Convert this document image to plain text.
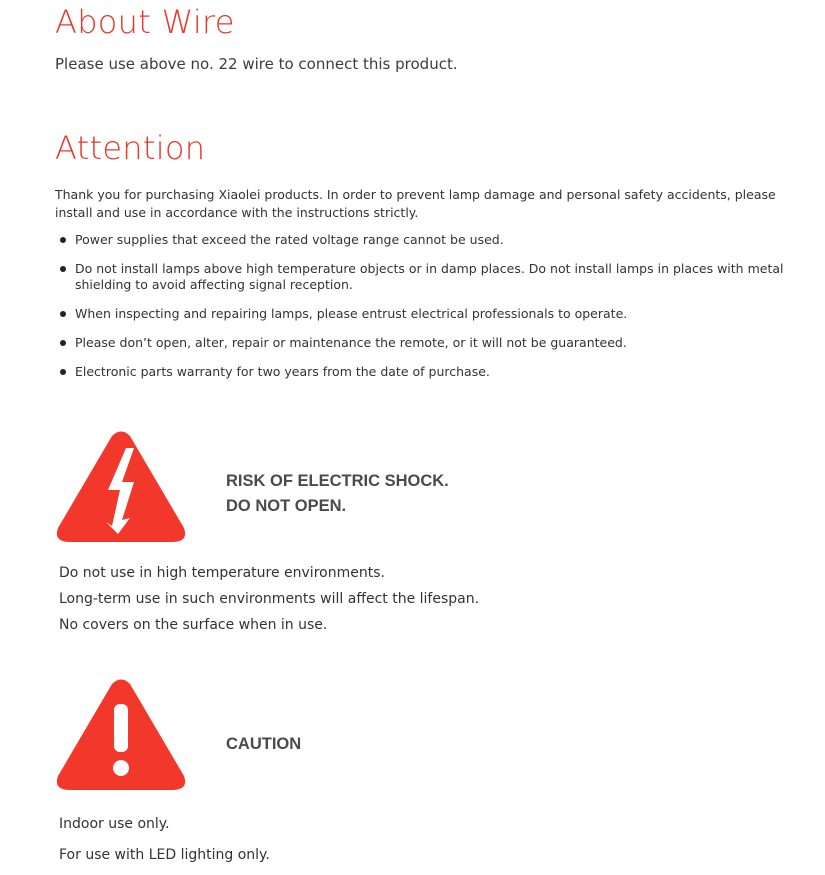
About Wire

Please use above no. 22 wire to connect this product.

Attention

Thank you for purchasing Xiaolei products. In order to prevent lamp damage and personal safety accidents, please install and use in accordance with the instructions strictly.

Power supplies that exceed the rated voltage range cannot be used.
Do not install lamps above high temperature objects or in damp places. Do not install lamps in places with metal shielding to avoid affecting signal reception.
When inspecting and repairing lamps, please entrust electrical professionals to operate.
Please don’t open, alter, repair or maintenance the remote, or it will not be guaranteed.
Electronic parts warranty for two years from the date of purchase.
RISK OF ELECTRIC SHOCK.
DO NOT OPEN.
Do not use in high temperature environments.
Long-term use in such environments will affect the lifespan.
No covers on the surface when in use.
CAUTION
Indoor use only.
For use with LED lighting only.
